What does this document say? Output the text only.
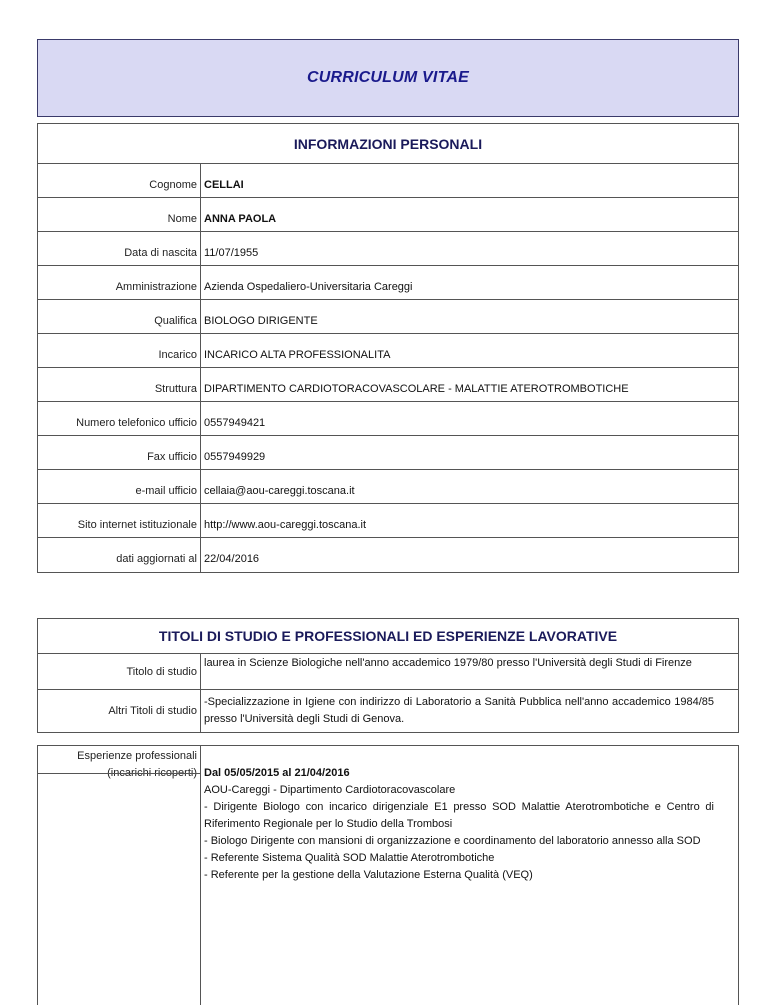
CURRICULUM VITAE
INFORMAZIONI PERSONALI
Cognome CELLAI
Nome ANNA PAOLA
Data di nascita 11/07/1955
Amministrazione Azienda Ospedaliero-Universitaria Careggi
Qualifica BIOLOGO DIRIGENTE
Incarico INCARICO ALTA PROFESSIONALITA
Struttura DIPARTIMENTO CARDIOTORACOVASCOLARE - MALATTIE ATEROTROMBOTICHE
Numero telefonico ufficio 0557949421
Fax ufficio 0557949929
e-mail ufficio cellaia@aou-careggi.toscana.it
Sito internet istituzionale http://www.aou-careggi.toscana.it
dati aggiornati al 22/04/2016
TITOLI DI STUDIO E PROFESSIONALI ED ESPERIENZE LAVORATIVE
Titolo di studio
laurea in Scienze Biologiche nell'anno accademico 1979/80 presso l'Università degli Studi di Firenze
Altri Titoli di studio
-Specializzazione in Igiene con indirizzo di Laboratorio a Sanità Pubblica nell'anno accademico 1984/85 presso l'Università degli Studi di Genova.
Esperienze professionali
(incarichi ricoperti) Dal 05/05/2015 al 21/04/2016
AOU-Careggi - Dipartimento Cardiotoracovascolare
- Dirigente Biologo con incarico dirigenziale E1 presso SOD Malattie Aterotrombotiche e Centro di Riferimento Regionale per lo Studio della Trombosi
- Biologo Dirigente con mansioni di organizzazione e coordinamento del laboratorio annesso alla SOD
- Referente Sistema Qualità SOD Malattie Aterotrombotiche
- Referente per la gestione della Valutazione Esterna Qualità (VEQ)
